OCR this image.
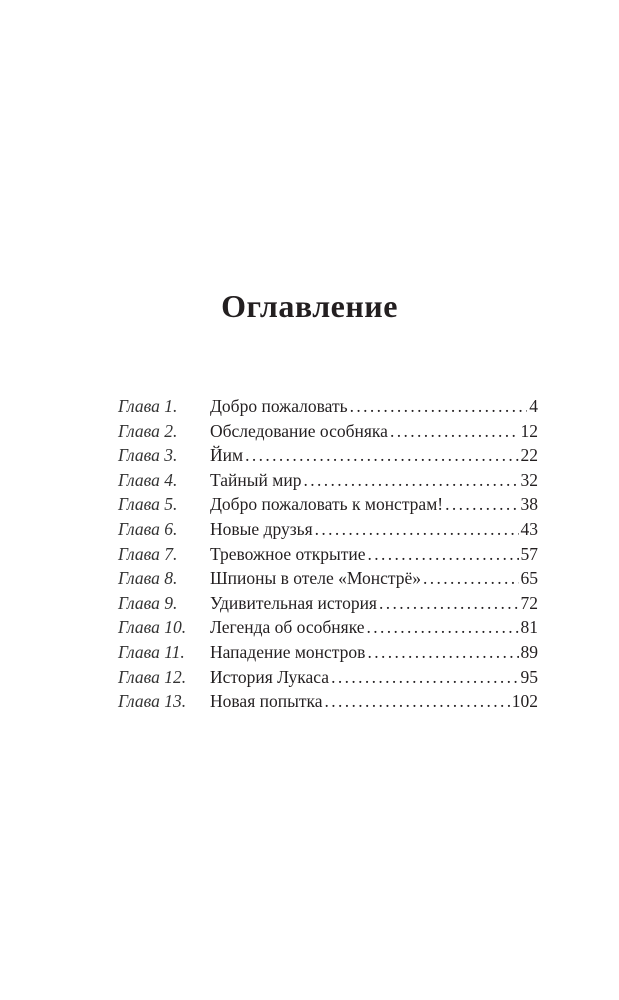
Оглавление
Глава 1.	Добро пожаловать . . .	4
Глава 2.	Обследование особняка . . .	12
Глава 3.	Йим . . .	22
Глава 4.	Тайный мир . . .	32
Глава 5.	Добро пожаловать к монстрам! . . .	38
Глава 6.	Новые друзья . . .	43
Глава 7.	Тревожное открытие . . .	57
Глава 8.	Шпионы в отеле «Монстрё» . . .	65
Глава 9.	Удивительная история . . .	72
Глава 10.	Легенда об особняке . . .	81
Глава 11.	Нападение монстров . . .	89
Глава 12.	История Лукаса . . .	95
Глава 13.	Новая попытка . . .	102
